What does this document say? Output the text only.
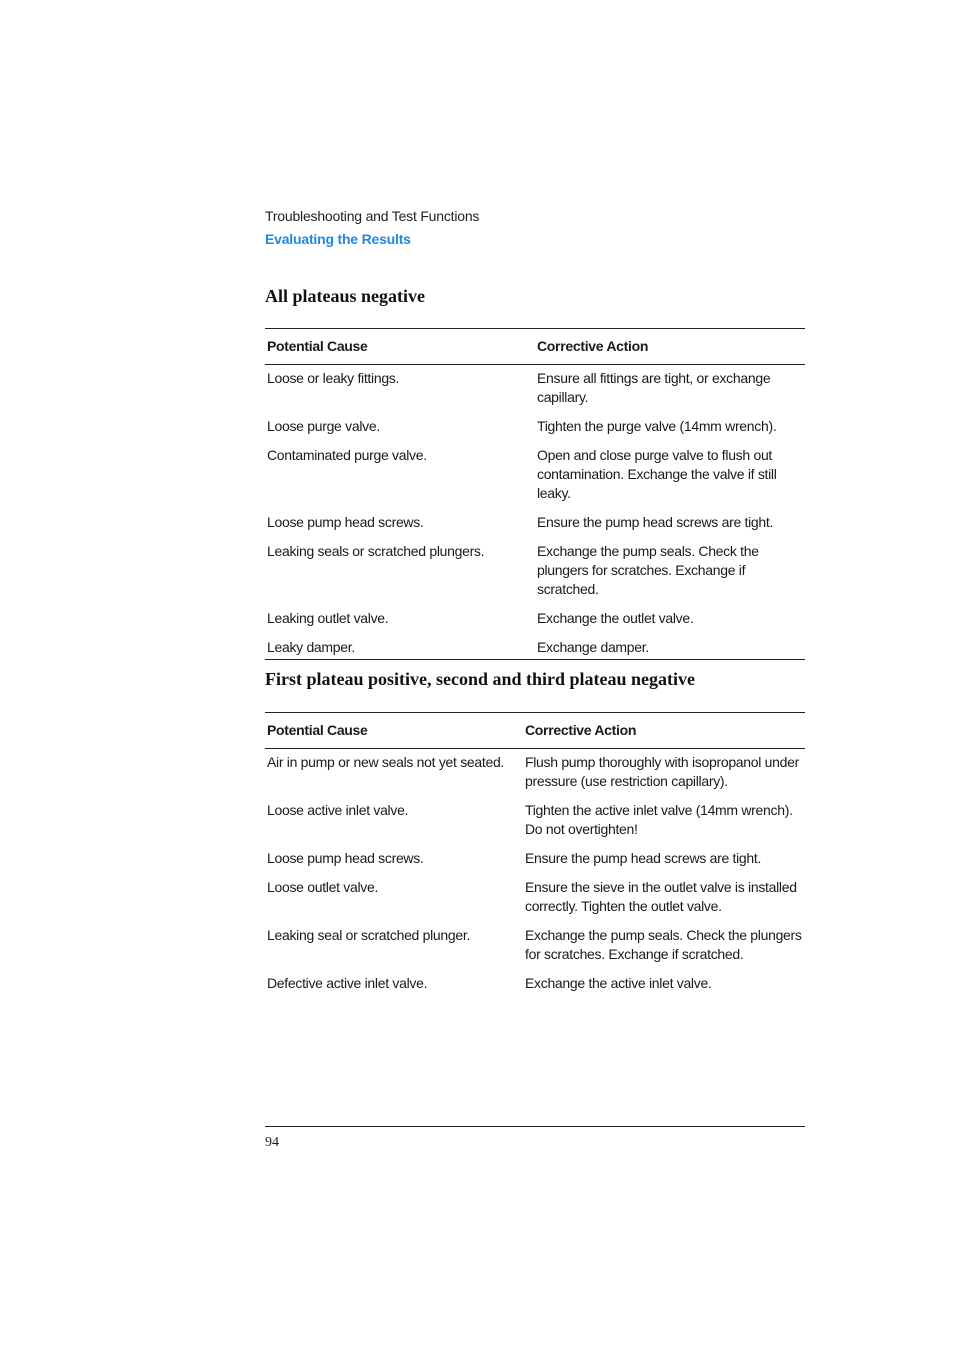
Troubleshooting and Test Functions
Evaluating the Results
All plateaus negative
Potential Cause	Corrective Action
Loose or leaky fittings.	Ensure all fittings are tight, or exchange capillary.
Loose purge valve.	Tighten the purge valve (14mm wrench).
Contaminated purge valve.	Open and close purge valve to flush out contamination. Exchange the valve if still leaky.
Loose pump head screws.	Ensure the pump head screws are tight.
Leaking seals or scratched plungers.	Exchange the pump seals. Check the plungers for scratches. Exchange if scratched.
Leaking outlet valve.	Exchange the outlet valve.
Leaky damper.	Exchange damper.
First plateau positive, second and third plateau negative
Potential Cause	Corrective Action
Air in pump or new seals not yet seated.	Flush pump thoroughly with isopropanol under pressure (use restriction capillary).
Loose active inlet valve.	Tighten the active inlet valve (14mm wrench). Do not overtighten!
Loose pump head screws.	Ensure the pump head screws are tight.
Loose outlet valve.	Ensure the sieve in the outlet valve is installed correctly. Tighten the outlet valve.
Leaking seal or scratched plunger.	Exchange the pump seals. Check the plungers for scratches. Exchange if scratched.
Defective active inlet valve.	Exchange the active inlet valve.
94
